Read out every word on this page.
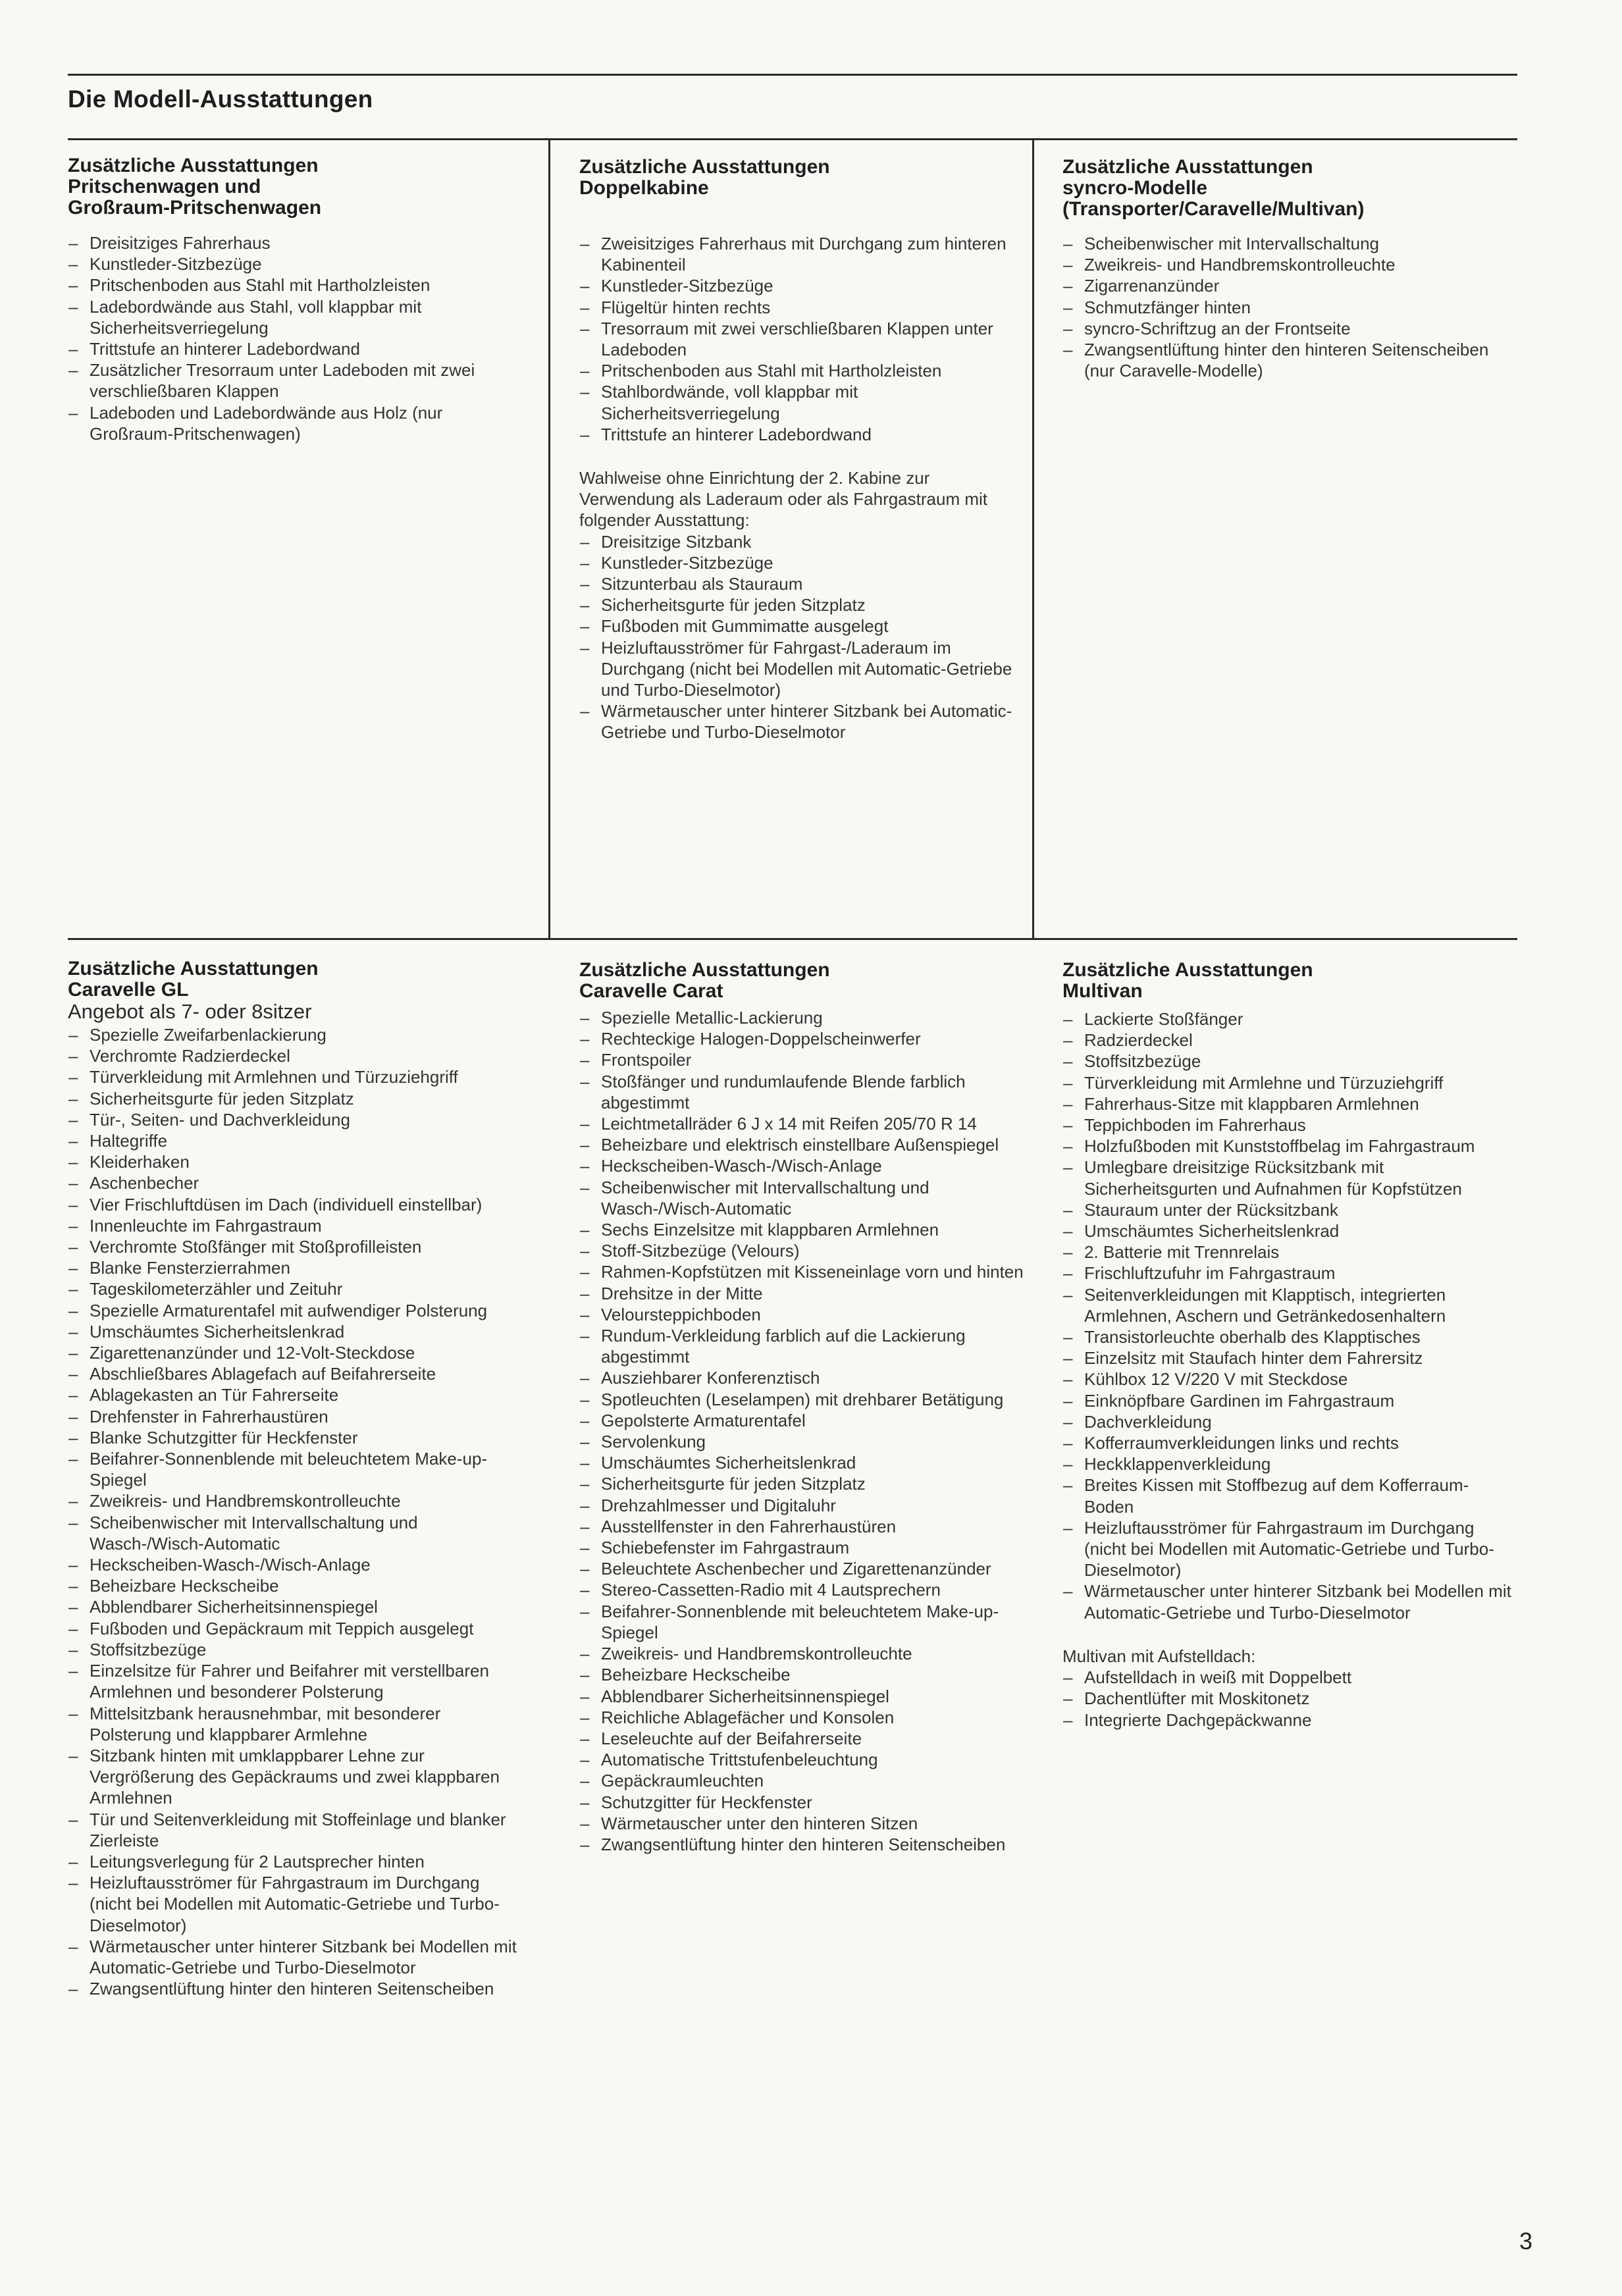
Die Modell-Ausstattungen
Zusätzliche Ausstattungen
Pritschenwagen und
Großraum-Pritschenwagen
– Dreisitziges Fahrerhaus
– Kunstleder-Sitzbezüge
– Pritschenboden aus Stahl mit Hartholzleisten
– Ladebordwände aus Stahl, voll klappbar mit Sicherheitsverriegelung
– Trittstufe an hinterer Ladebordwand
– Zusätzlicher Tresorraum unter Ladeboden mit zwei verschließbaren Klappen
– Ladeboden und Ladebordwände aus Holz (nur Großraum-Pritschenwagen)
Zusätzliche Ausstattungen
Doppelkabine
– Zweisitziges Fahrerhaus mit Durchgang zum hinteren Kabinenteil
– Kunstleder-Sitzbezüge
– Flügeltür hinten rechts
– Tresorraum mit zwei verschließbaren Klappen unter Ladeboden
– Pritschenboden aus Stahl mit Hartholzleisten
– Stahlbordwände, voll klappbar mit Sicherheitsverriegelung
– Trittstufe an hinterer Ladebordwand

Wahlweise ohne Einrichtung der 2. Kabine zur Verwendung als Laderaum oder als Fahrgastraum mit folgender Ausstattung:

– Dreisitzige Sitzbank
– Kunstleder-Sitzbezüge
– Sitzunterbau als Stauraum
– Sicherheitsgurte für jeden Sitzplatz
– Fußboden mit Gummimatte ausgelegt
– Heizluftausströmer für Fahrgast-/Laderaum im Durchgang (nicht bei Modellen mit Automatic-Getriebe und Turbo-Dieselmotor)
– Wärmetauscher unter hinterer Sitzbank bei Automatic-Getriebe und Turbo-Dieselmotor
Zusätzliche Ausstattungen
syncro-Modelle
(Transporter/Caravelle/Multivan)
– Scheibenwischer mit Intervallschaltung
– Zweikreis- und Handbremskontrolleuchte
– Zigarrenanzünder
– Schmutzfänger hinten
– syncro-Schriftzug an der Frontseite
– Zwangsentlüftung hinter den hinteren Seitenscheiben (nur Caravelle-Modelle)
Zusätzliche Ausstattungen
Caravelle GL
Angebot als 7- oder 8sitzer
– Spezielle Zweifarbenlackierung
– Verchromte Radzierdeckel
– Türverkleidung mit Armlehnen und Türzuziehgriff
– Sicherheitsgurte für jeden Sitzplatz
– Tür-, Seiten- und Dachverkleidung
– Haltegriffe
– Kleiderhaken
– Aschenbecher
– Vier Frischluftdüsen im Dach (individuell einstellbar)
– Innenleuchte im Fahrgastraum
– Verchromte Stoßfänger mit Stoßprofilleisten
– Blanke Fensterzierrahmen
– Tageskilometerzähler und Zeituhr
– Spezielle Armaturentafel mit aufwendiger Polsterung
– Umschäumtes Sicherheitslenkrad
– Zigarettenanzünder und 12-Volt-Steckdose
– Abschließbares Ablagefach auf Beifahrerseite
– Ablagekasten an Tür Fahrerseite
– Drehfenster in Fahrerhaustüren
– Blanke Schutzgitter für Heckfenster
– Beifahrer-Sonnenblende mit beleuchtetem Make-up-Spiegel
– Zweikreis- und Handbremskontrolleuchte
– Scheibenwischer mit Intervallschaltung und Wasch-/Wisch-Automatic
– Heckscheiben-Wasch-/Wisch-Anlage
– Beheizbare Heckscheibe
– Abblendbarer Sicherheitsinnenspiegel
– Fußboden und Gepäckraum mit Teppich ausgelegt
– Stoffsitzbezüge
– Einzelsitze für Fahrer und Beifahrer mit verstellbaren Armlehnen und besonderer Polsterung
– Mittelsitzbank herausnehmbar, mit besonderer Polsterung und klappbarer Armlehne
– Sitzbank hinten mit umklappbarer Lehne zur Vergrößerung des Gepäckraums und zwei klappbaren Armlehnen
– Tür und Seitenverkleidung mit Stoffeinlage und blanker Zierleiste
– Leitungsverlegung für 2 Lautsprecher hinten
– Heizluftausströmer für Fahrgastraum im Durchgang (nicht bei Modellen mit Automatic-Getriebe und Turbo-Dieselmotor)
– Wärmetauscher unter hinterer Sitzbank bei Modellen mit Automatic-Getriebe und Turbo-Dieselmotor
– Zwangsentlüftung hinter den hinteren Seitenscheiben
Zusätzliche Ausstattungen
Caravelle Carat
– Spezielle Metallic-Lackierung
– Rechteckige Halogen-Doppelscheinwerfer
– Frontspoiler
– Stoßfänger und rundumlaufende Blende farblich abgestimmt
– Leichtmetallräder 6 J x 14 mit Reifen 205/70 R 14
– Beheizbare und elektrisch einstellbare Außenspiegel
– Heckscheiben-Wasch-/Wisch-Anlage
– Scheibenwischer mit Intervallschaltung und Wasch-/Wisch-Automatic
– Sechs Einzelsitze mit klappbaren Armlehnen
– Stoff-Sitzbezüge (Velours)
– Rahmen-Kopfstützen mit Kisseneinlage vorn und hinten
– Drehsitze in der Mitte
– Veloursteppichboden
– Rundum-Verkleidung farblich auf die Lackierung abgestimmt
– Ausziehbarer Konferenztisch
– Spotleuchten (Leselampen) mit drehbarer Betätigung
– Gepolsterte Armaturentafel
– Servolenkung
– Umschäumtes Sicherheitslenkrad
– Sicherheitsgurte für jeden Sitzplatz
– Drehzahlmesser und Digitaluhr
– Ausstellfenster in den Fahrerhaustüren
– Schiebefenster im Fahrgastraum
– Beleuchtete Aschenbecher und Zigarettenanzünder
– Stereo-Cassetten-Radio mit 4 Lautsprechern
– Beifahrer-Sonnenblende mit beleuchtetem Make-up-Spiegel
– Zweikreis- und Handbremskontrolleuchte
– Beheizbare Heckscheibe
– Abblendbarer Sicherheitsinnenspiegel
– Reichliche Ablagefächer und Konsolen
– Leseleuchte auf der Beifahrerseite
– Automatische Trittstufenbeleuchtung
– Gepäckraumleuchten
– Schutzgitter für Heckfenster
– Wärmetauscher unter den hinteren Sitzen
– Zwangsentlüftung hinter den hinteren Seitenscheiben
Zusätzliche Ausstattungen
Multivan
– Lackierte Stoßfänger
– Radzierdeckel
– Stoffsitzbezüge
– Türverkleidung mit Armlehne und Türzuziehgriff
– Fahrerhaus-Sitze mit klappbaren Armlehnen
– Teppichboden im Fahrerhaus
– Holzfußboden mit Kunststoffbelag im Fahrgastraum
– Umlegbare dreisitzige Rücksitzbank mit Sicherheitsgurten und Aufnahmen für Kopfstützen
– Stauraum unter der Rücksitzbank
– Umschäumtes Sicherheitslenkrad
– 2. Batterie mit Trennrelais
– Frischluftzufuhr im Fahrgastraum
– Seitenverkleidungen mit Klapptisch, integrierten Armlehnen, Aschern und Getränkedosenhaltern
– Transistorleuchte oberhalb des Klapptisches
– Einzelsitz mit Staufach hinter dem Fahrersitz
– Kühlbox 12 V/220 V mit Steckdose
– Einknöpfbare Gardinen im Fahrgastraum
– Dachverkleidung
– Kofferraumverkleidungen links und rechts
– Heckklappenverkleidung
– Breites Kissen mit Stoffbezug auf dem Kofferraum-Boden
– Heizluftausströmer für Fahrgastraum im Durchgang (nicht bei Modellen mit Automatic-Getriebe und Turbo-Dieselmotor)
– Wärmetauscher unter hinterer Sitzbank bei Modellen mit Automatic-Getriebe und Turbo-Dieselmotor

Multivan mit Aufstelldach:

– Aufstelldach in weiß mit Doppelbett
– Dachentlüfter mit Moskitonetz
– Integrierte Dachgepäckwanne
3
